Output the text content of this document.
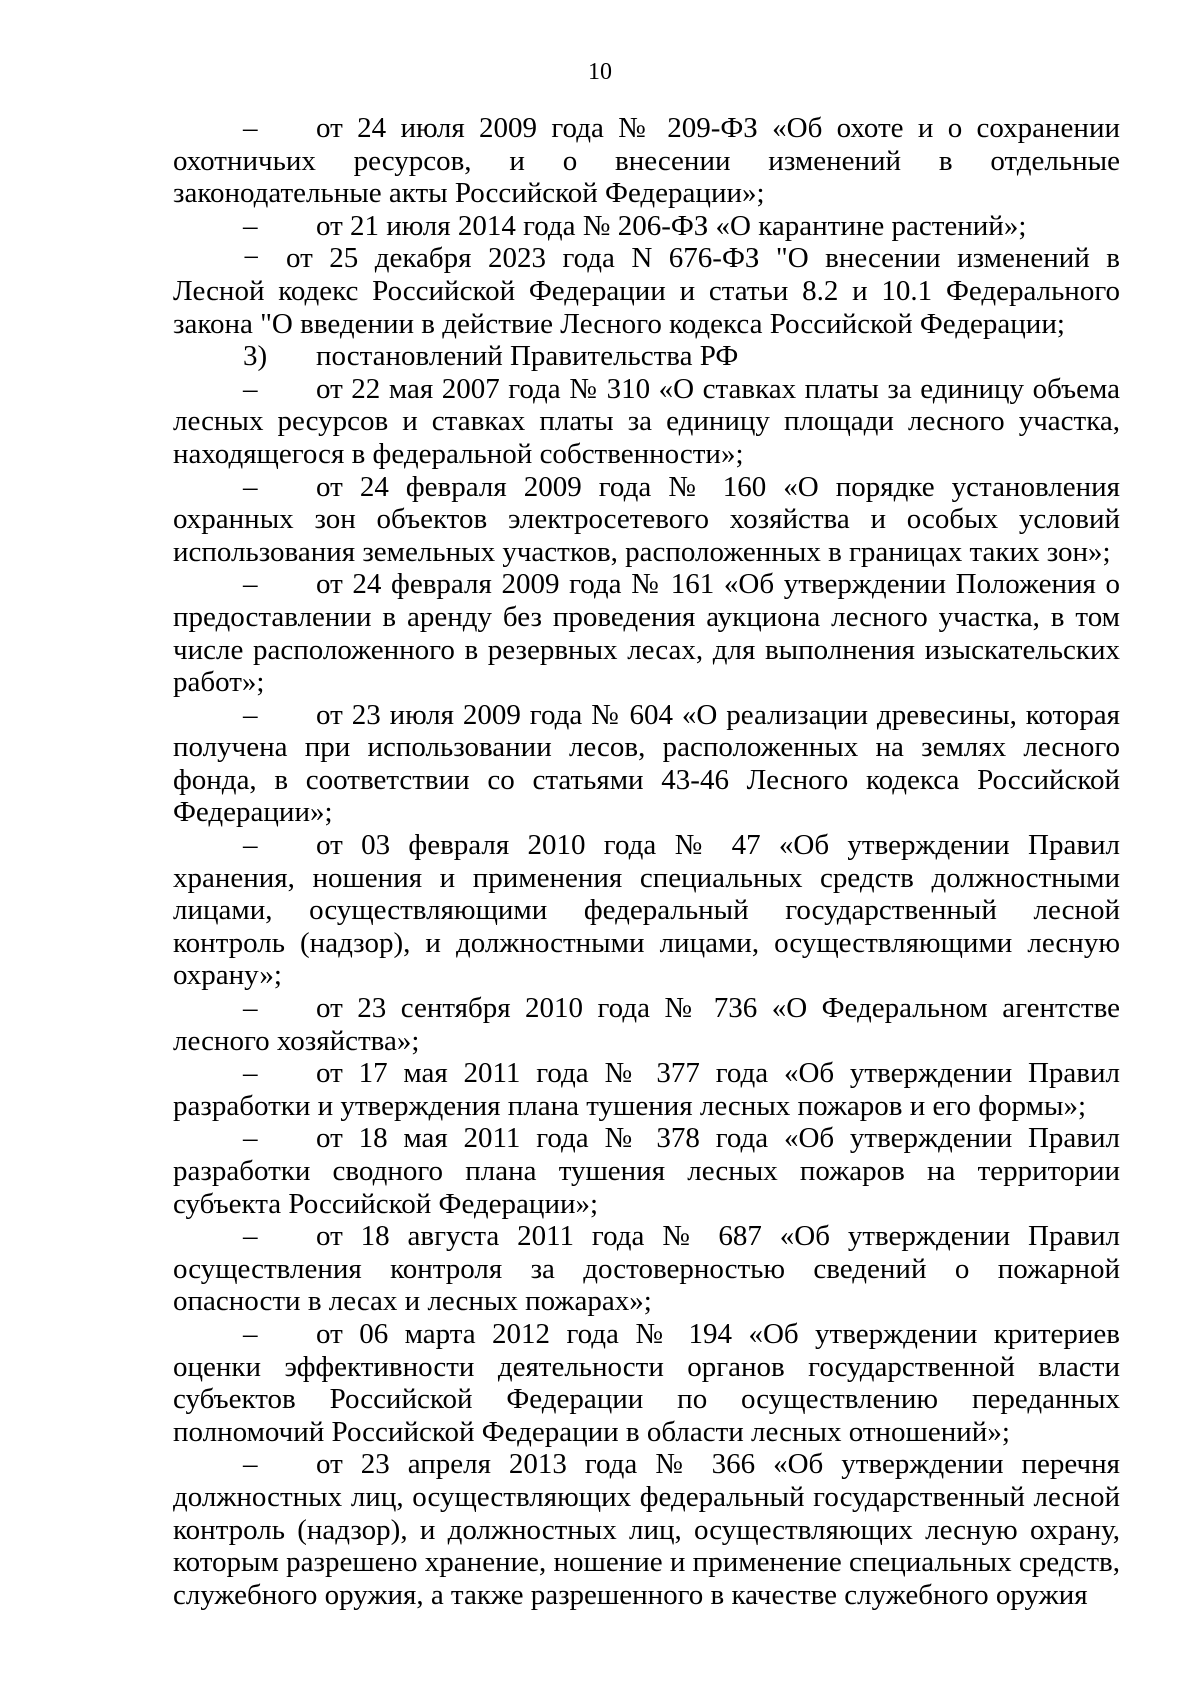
10

– от 24 июля 2009 года № 209-ФЗ «Об охоте и о сохранении охотничьих ресурсов, и о внесении изменений в отдельные законодательные акты Российской Федерации»;

– от 21 июля 2014 года № 206-ФЗ «О карантине растений»;

− от 25 декабря 2023 года N 676-ФЗ "О внесении изменений в Лесной кодекс Российской Федерации и статьи 8.2 и 10.1 Федерального закона "О введении в действие Лесного кодекса Российской Федерации;

3) постановлений Правительства РФ

– от 22 мая 2007 года № 310 «О ставках платы за единицу объема лесных ресурсов и ставках платы за единицу площади лесного участка, находящегося в федеральной собственности»;

– от 24 февраля 2009 года № 160 «О порядке установления охранных зон объектов электросетевого хозяйства и особых условий использования земельных участков, расположенных в границах таких зон»;

– от 24 февраля 2009 года № 161 «Об утверждении Положения о предоставлении в аренду без проведения аукциона лесного участка, в том числе расположенного в резервных лесах, для выполнения изыскательских работ»;

– от 23 июля 2009 года № 604 «О реализации древесины, которая получена при использовании лесов, расположенных на землях лесного фонда, в соответствии со статьями 43-46 Лесного кодекса Российской Федерации»;

– от 03 февраля 2010 года № 47 «Об утверждении Правил хранения, ношения и применения специальных средств должностными лицами, осуществляющими федеральный государственный лесной контроль (надзор), и должностными лицами, осуществляющими лесную охрану»;

– от 23 сентября 2010 года № 736 «О Федеральном агентстве лесного хозяйства»;

– от 17 мая 2011 года № 377 года «Об утверждении Правил разработки и утверждения плана тушения лесных пожаров и его формы»;

– от 18 мая 2011 года № 378 года «Об утверждении Правил разработки сводного плана тушения лесных пожаров на территории субъекта Российской Федерации»;

– от 18 августа 2011 года № 687 «Об утверждении Правил осуществления контроля за достоверностью сведений о пожарной опасности в лесах и лесных пожарах»;

– от 06 марта 2012 года № 194 «Об утверждении критериев оценки эффективности деятельности органов государственной власти субъектов Российской Федерации по осуществлению переданных полномочий Российской Федерации в области лесных отношений»;

– от 23 апреля 2013 года № 366 «Об утверждении перечня должностных лиц, осуществляющих федеральный государственный лесной контроль (надзор), и должностных лиц, осуществляющих лесную охрану, которым разрешено хранение, ношение и применение специальных средств, служебного оружия, а также разрешенного в качестве служебного оружия
